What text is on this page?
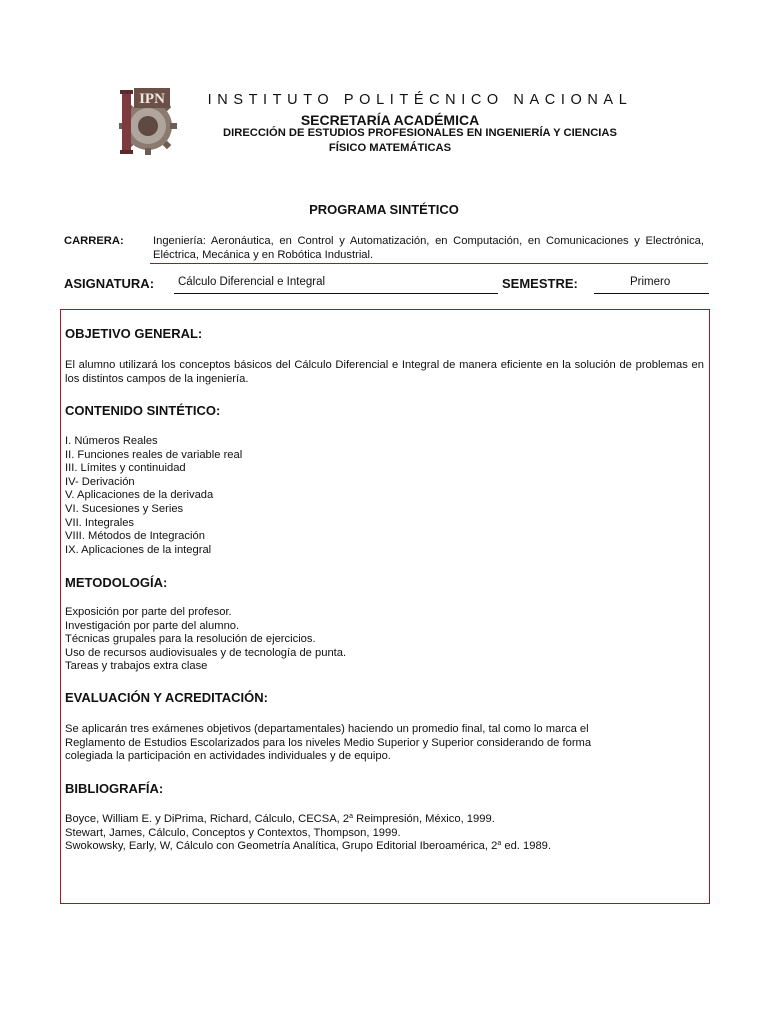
IPN	INSTITUTO POLITÉCNICO NACIONAL
SECRETARÍA ACADÉMICA
DIRECCIÓN DE ESTUDIOS PROFESIONALES EN INGENIERÍA Y CIENCIAS
FÍSICO MATEMÁTICAS
PROGRAMA SINTÉTICO
CARRERA:	Ingeniería: Aeronáutica, en Control y Automatización, en Computación, en Comunicaciones y Electrónica, Eléctrica, Mecánica y en Robótica Industrial.
ASIGNATURA: Cálculo Diferencial e Integral	SEMESTRE:	Primero
OBJETIVO GENERAL:
El alumno utilizará los conceptos básicos del Cálculo Diferencial e Integral de manera eficiente en la solución de problemas en los distintos campos de la ingeniería.
CONTENIDO SINTÉTICO:
I. Números Reales
II. Funciones reales de variable real
III. Límites y continuidad
IV- Derivación
V. Aplicaciones de la derivada
VI. Sucesiones y Series
VII. Integrales
VIII. Métodos de Integración
IX. Aplicaciones de la integral
METODOLOGÍA:
Exposición por parte del profesor.
Investigación por parte del alumno.
Técnicas grupales para la resolución de ejercicios.
Uso de recursos audiovisuales y de tecnología de punta.
Tareas y trabajos extra clase
EVALUACIÓN Y ACREDITACIÓN:
Se aplicarán tres exámenes objetivos (departamentales) haciendo un promedio final, tal como lo marca el
Reglamento de Estudios Escolarizados para los niveles Medio Superior y Superior considerando de forma
colegiada la participación en actividades individuales y de equipo.
BIBLIOGRAFÍA:
Boyce, William E. y DiPrima, Richard, Cálculo, CECSA, 2$^a$ Reimpresión, México, 1999.
Stewart, James, Cálculo, Conceptos y Contextos, Thompson, 1999.
Swokowsky, Early, W, Cálculo con Geometría Analítica, Grupo Editorial Iberoamérica, 2$^a$ ed. 1989.
